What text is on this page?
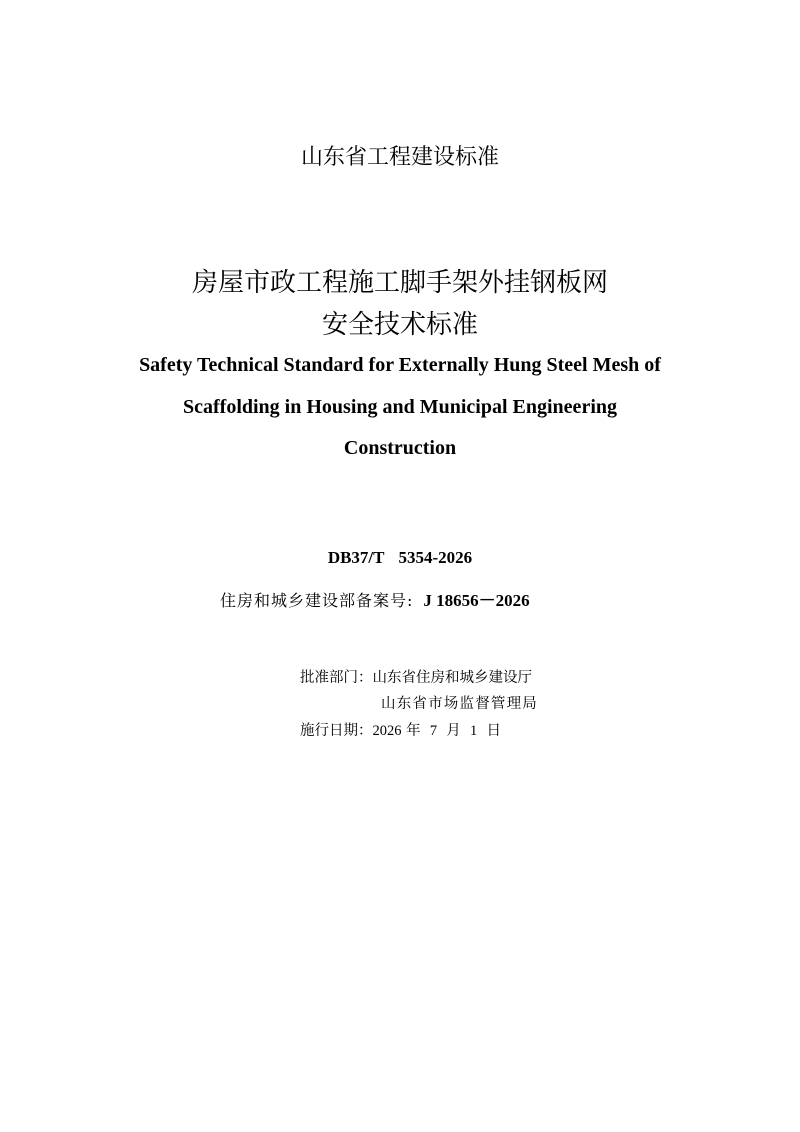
山东省工程建设标准
房屋市政工程施工脚手架外挂钢板网
安全技术标准
Safety Technical Standard for Externally Hung Steel Mesh of
Scaffolding in Housing and Municipal Engineering
Construction
DB37/T 5354-2026
住房和城乡建设部备案号: J 18656－2026
批准部门：山东省住房和城乡建设厅
山东省市场监督管理局
施行日期：2026 年 7 月 1 日
